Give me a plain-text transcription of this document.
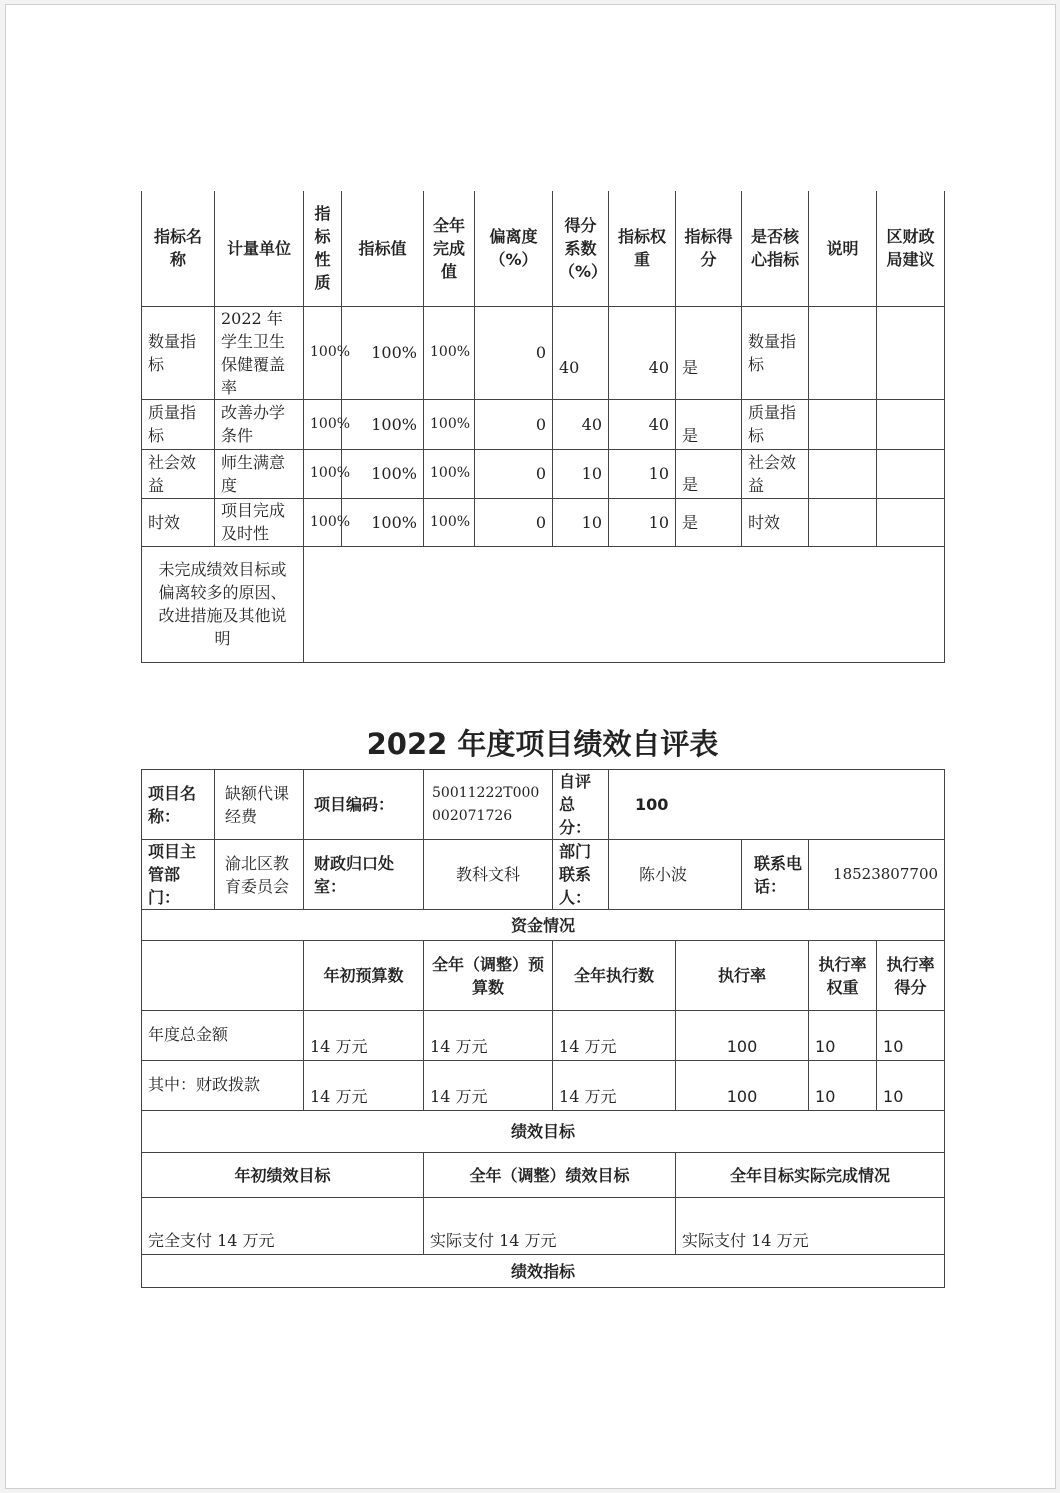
指标名称	计量单位	指标性质	指标值	全年完成值	偏离度（%）	得分系数（%）	指标权重	指标得分	是否核心指标	说明	区财政局建议
数量指标	2022 年学生卫生保健覆盖率	100%	100%	100%	0	40	40	是	数量指标		
质量指标	改善办学条件	100%	100%	100%	0	40	40	是	质量指标		
社会效益	师生满意度	100%	100%	100%	0	10	10	是	社会效益		
时效	项目完成及时性	100%	100%	100%	0	10	10	是	时效		
未完成绩效目标或偏离较多的原因、改进措施及其他说明											
2022 年度项目绩效自评表
项目名称：	缺额代课经费	项目编码：	50011222T000002071726	自评总分：	100				
项目主管部门：	渝北区教育委员会	财政归口处室：	教科文科	部门联系人：	陈小波		联系电话：	18523807700	
资金情况									
		年初预算数	全年（调整）预算数	全年执行数		执行率		执行率权重	执行率得分
年度总金额		14 万元	14 万元	14 万元		100		10	10
其中：财政拨款		14 万元	14 万元	14 万元		100		10	10
绩效目标									
年初绩效目标			全年（调整）绩效目标			全年目标实际完成情况			
完全支付 14 万元			实际支付 14 万元			实际支付 14 万元			
绩效指标									
